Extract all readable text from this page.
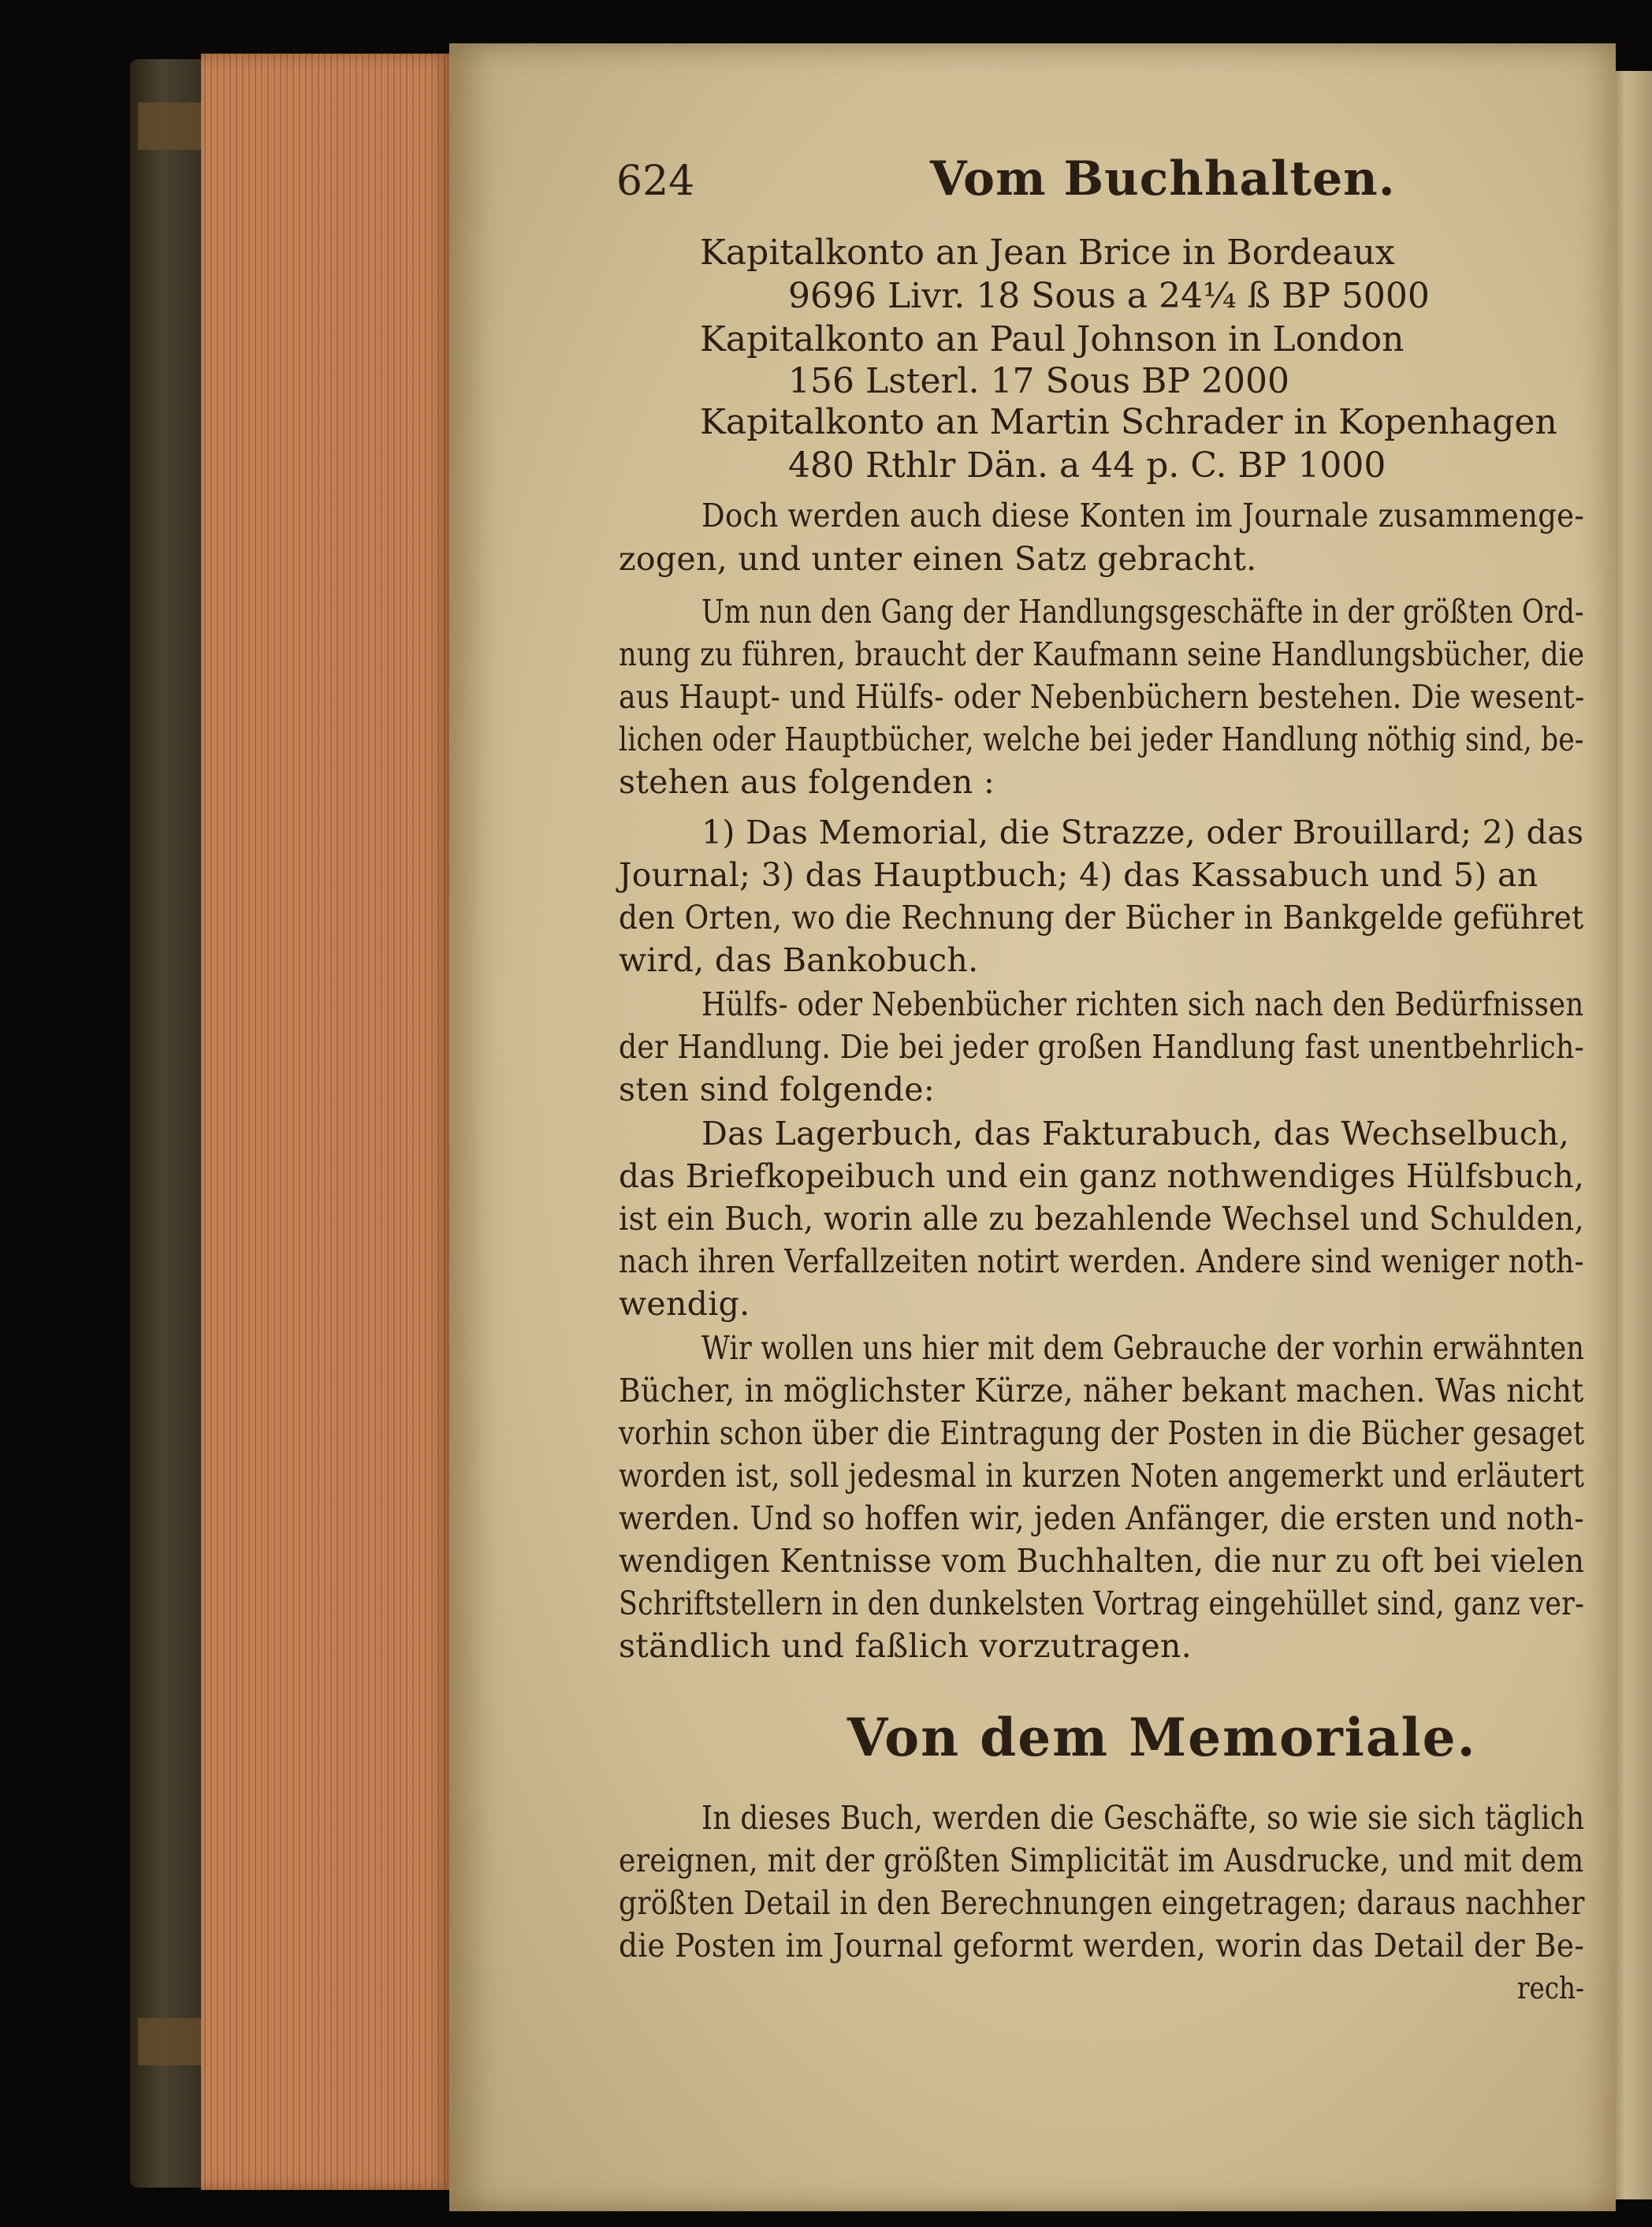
624	Vom Buchhalten.
Kapitalkonto an Jean Brice in Bordeaux
9696 Livr. 18 Sous a 24¼ ß BP 5000
Kapitalkonto an Paul Johnson in London
156 Lsterl. 17 Sous BP 2000
Kapitalkonto an Martin Schrader in Kopenhagen
480 Rthlr Dän. a 44 p. C. BP 1000
Doch werden auch diese Konten im Journale zusammenge-
zogen, und unter einen Satz gebracht.
Um nun den Gang der Handlungsgeschäfte in der größten Ord-
nung zu führen, braucht der Kaufmann seine Handlungsbücher, die
aus Haupt- und Hülfs- oder Nebenbüchern bestehen. Die wesent-
lichen oder Hauptbücher, welche bei jeder Handlung nöthig sind, be-
stehen aus folgenden :
1) Das Memorial, die Strazze, oder Brouillard; 2) das
Journal; 3) das Hauptbuch; 4) das Kassabuch und 5) an
den Orten, wo die Rechnung der Bücher in Bankgelde geführet
wird, das Bankobuch.
Hülfs- oder Nebenbücher richten sich nach den Bedürfnissen
der Handlung. Die bei jeder großen Handlung fast unentbehrlich-
sten sind folgende:
Das Lagerbuch, das Fakturabuch, das Wechselbuch,
das Briefkopeibuch und ein ganz nothwendiges Hülfsbuch,
ist ein Buch, worin alle zu bezahlende Wechsel und Schulden,
nach ihren Verfallzeiten notirt werden. Andere sind weniger noth-
wendig.
Wir wollen uns hier mit dem Gebrauche der vorhin erwähnten
Bücher, in möglichster Kürze, näher bekant machen. Was nicht
vorhin schon über die Eintragung der Posten in die Bücher gesaget
worden ist, soll jedesmal in kurzen Noten angemerkt und erläutert
werden. Und so hoffen wir, jeden Anfänger, die ersten und noth-
wendigen Kentnisse vom Buchhalten, die nur zu oft bei vielen
Schriftstellern in den dunkelsten Vortrag eingehüllet sind, ganz ver-
ständlich und faßlich vorzutragen.
Von dem Memoriale.
In dieses Buch, werden die Geschäfte, so wie sie sich täglich
ereignen, mit der größten Simplicität im Ausdrucke, und mit dem
größten Detail in den Berechnungen eingetragen; daraus nachher
die Posten im Journal geformt werden, worin das Detail der Be-
rech-
